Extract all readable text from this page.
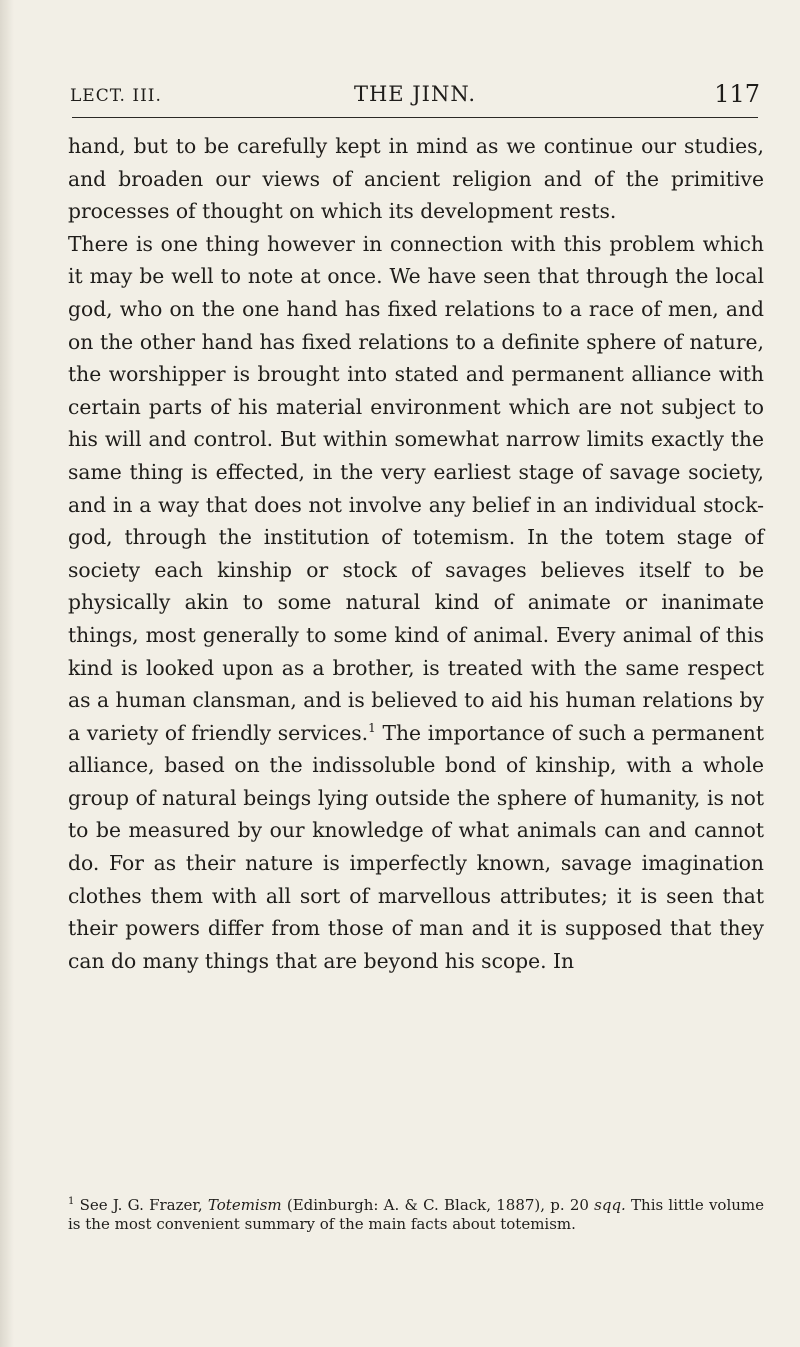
LECT. III.	THE JINN.	117

hand, but to be carefully kept in mind as we continue our studies, and broaden our views of ancient religion and of the primitive processes of thought on which its development rests.

There is one thing however in connection with this problem which it may be well to note at once. We have seen that through the local god, who on the one hand has fixed relations to a race of men, and on the other hand has fixed relations to a definite sphere of nature, the worshipper is brought into stated and permanent alliance with certain parts of his material environment which are not subject to his will and control. But within somewhat narrow limits exactly the same thing is effected, in the very earliest stage of savage society, and in a way that does not involve any belief in an individual stock-god, through the institution of totemism. In the totem stage of society each kinship or stock of savages believes itself to be physically akin to some natural kind of animate or inanimate things, most generally to some kind of animal. Every animal of this kind is looked upon as a brother, is treated with the same respect as a human clansman, and is believed to aid his human relations by a variety of friendly services.$^1$ The importance of such a permanent alliance, based on the indissoluble bond of kinship, with a whole group of natural beings lying outside the sphere of humanity, is not to be measured by our knowledge of what animals can and cannot do. For as their nature is imperfectly known, savage imagination clothes them with all sort of marvellous attributes; it is seen that their powers differ from those of man and it is supposed that they can do many things that are beyond his scope. In

$^1$ See J. G. Frazer, Totemism (Edinburgh: A. & C. Black, 1887), p. 20 sqq. This little volume is the most convenient summary of the main facts about totemism.
